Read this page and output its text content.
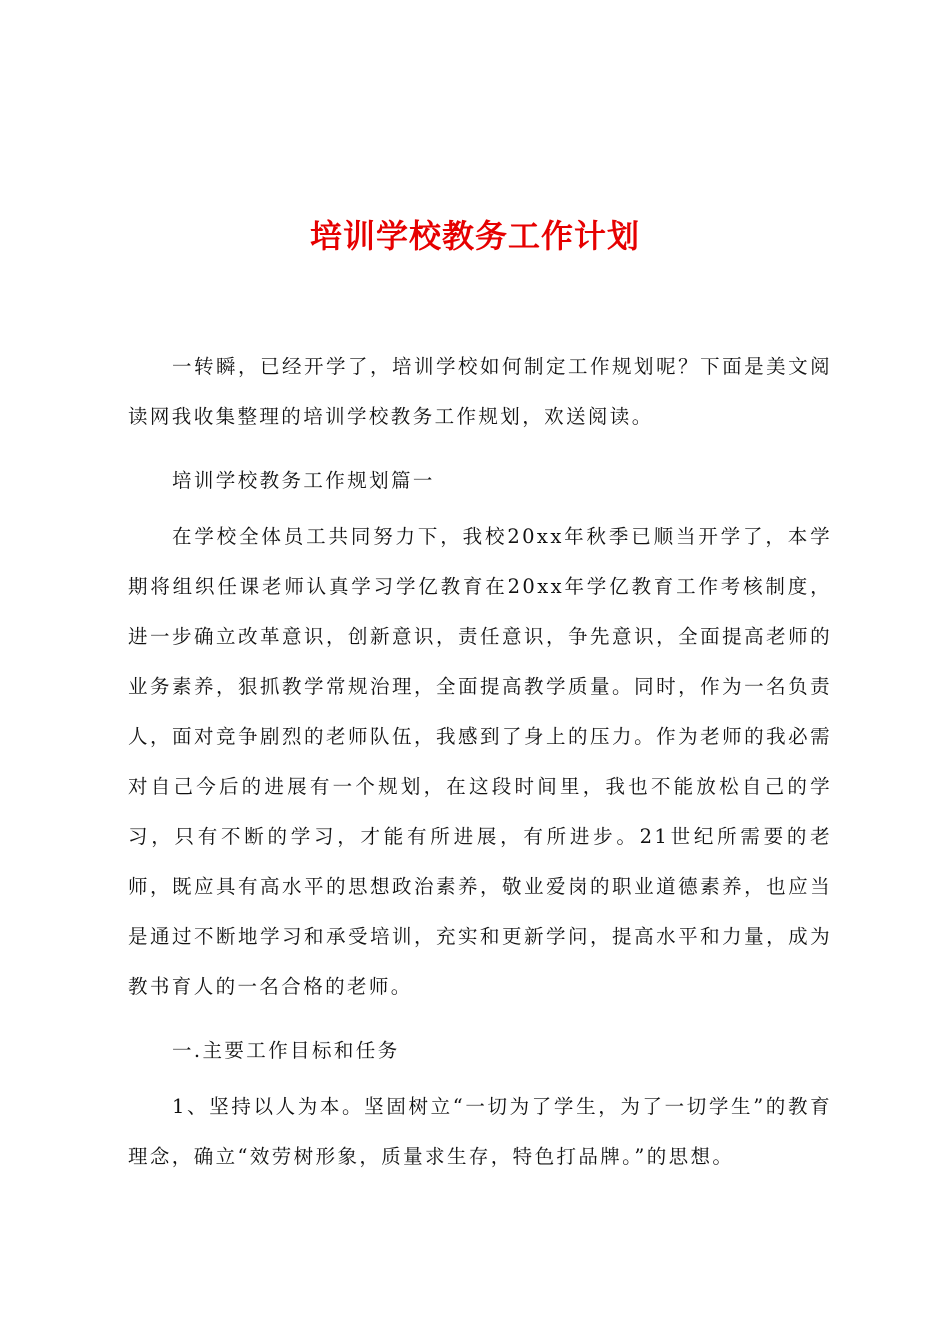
培训学校教务工作计划

一转瞬，已经开学了，培训学校如何制定工作规划呢？下面是美文阅读网我收集整理的培训学校教务工作规划，欢送阅读。

培训学校教务工作规划篇一

在学校全体员工共同努力下，我校20xx年秋季已顺当开学了，本学期将组织任课老师认真学习学亿教育在20xx年学亿教育工作考核制度，进一步确立改革意识，创新意识，责任意识，争先意识，全面提高老师的业务素养，狠抓教学常规治理，全面提高教学质量。同时，作为一名负责人，面对竞争剧烈的老师队伍，我感到了身上的压力。作为老师的我必需对自己今后的进展有一个规划，在这段时间里，我也不能放松自己的学习，只有不断的学习，才能有所进展，有所进步。21世纪所需要的老师，既应具有高水平的思想政治素养，敬业爱岗的职业道德素养，也应当是通过不断地学习和承受培训，充实和更新学问，提高水平和力量，成为教书育人的一名合格的老师。

一.主要工作目标和任务

1、坚持以人为本。坚固树立“一切为了学生，为了一切学生”的教育理念，确立“效劳树形象，质量求生存，特色打品牌。”的思想。
